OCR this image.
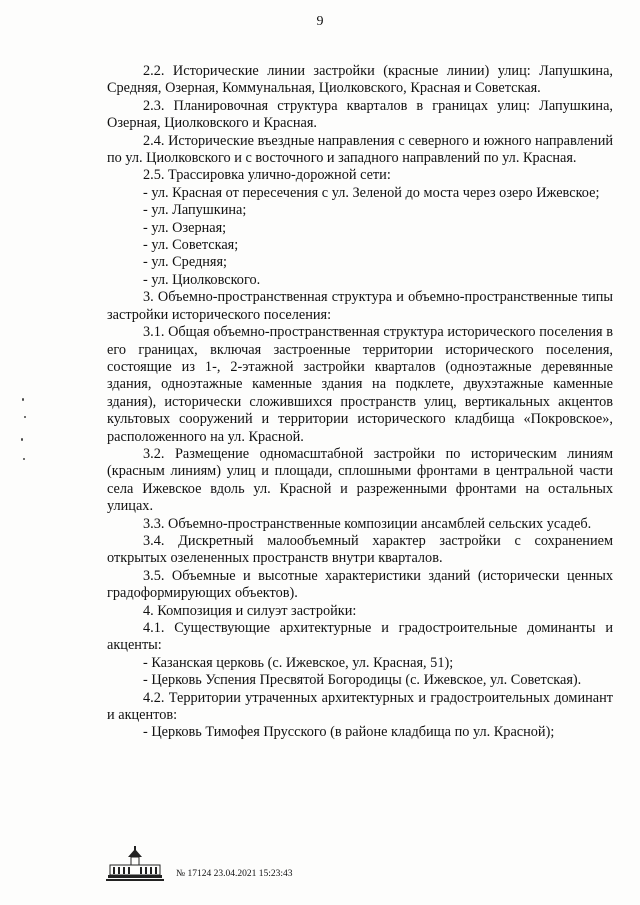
9

2.2. Исторические линии застройки (красные линии) улиц: Лапушкина, Средняя, Озерная, Коммунальная, Циолковского, Красная и Советская.

2.3. Планировочная структура кварталов в границах улиц: Лапушкина, Озерная, Циолковского и Красная.

2.4. Исторические въездные направления с северного и южного направлений по ул. Циолковского и с восточного и западного направлений по ул. Красная.

2.5. Трассировка улично-дорожной сети:

- ул. Красная от пересечения с ул. Зеленой до моста через озеро Ижевское;

- ул. Лапушкина;

- ул. Озерная;

- ул. Советская;

- ул. Средняя;

- ул. Циолковского.

3. Объемно-пространственная структура и объемно-пространственные типы застройки исторического поселения:

3.1. Общая объемно-пространственная структура исторического поселения в его границах, включая застроенные территории исторического поселения, состоящие из 1-, 2-этажной застройки кварталов (одноэтажные деревянные здания, одноэтажные каменные здания на подклете, двухэтажные каменные здания), исторически сложившихся пространств улиц, вертикальных акцентов культовых сооружений и территории исторического кладбища «Покровское», расположенного на ул. Красной.

3.2. Размещение одномасштабной застройки по историческим линиям (красным линиям) улиц и площади, сплошными фронтами в центральной части села Ижевское вдоль ул. Красной и разреженными фронтами на остальных улицах.

3.3. Объемно-пространственные композиции ансамблей сельских усадеб.

3.4. Дискретный малообъемный характер застройки с сохранением открытых озелененных пространств внутри кварталов.

3.5. Объемные и высотные характеристики зданий (исторически ценных градоформирующих объектов).

4. Композиция и силуэт застройки:

4.1. Существующие архитектурные и градостроительные доминанты и акценты:

- Казанская церковь (с. Ижевское, ул. Красная, 51);

- Церковь Успения Пресвятой Богородицы (с. Ижевское, ул. Советская).

4.2. Территории утраченных архитектурных и градостроительных доминант и акцентов:

- Церковь Тимофея Прусского (в районе кладбища по ул. Красной);

№ 17124 23.04.2021 15:23:43
